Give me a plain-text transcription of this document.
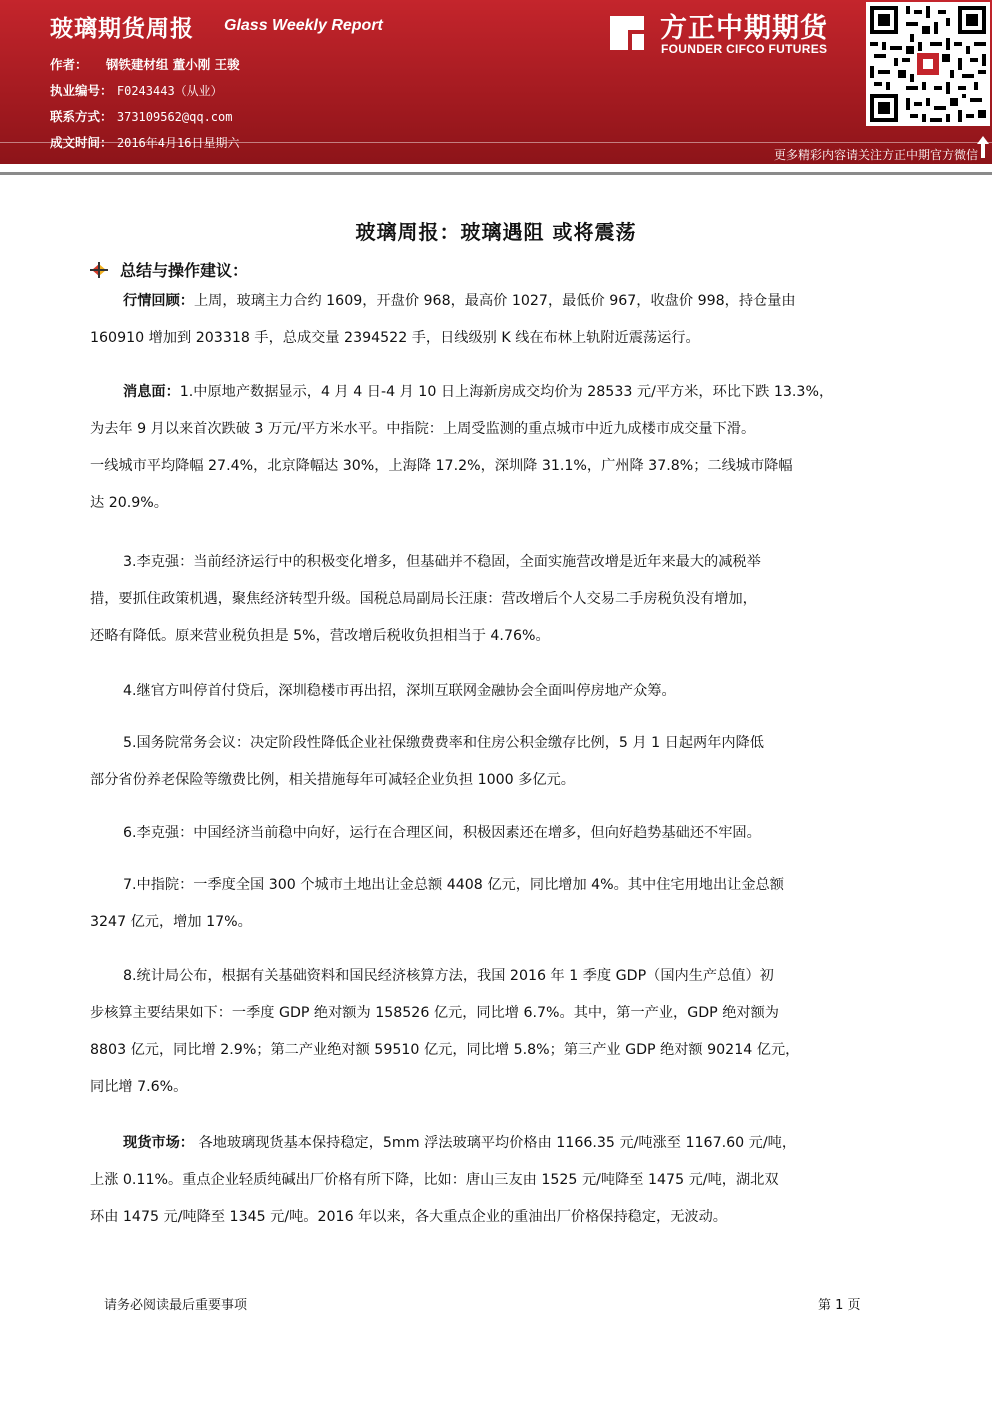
玻璃期货周报 Glass Weekly Report
作者： 钢铁建材组 董小刚 王骏
执业编号： F0243443（从业）
联系方式： 373109562@qq.com
成文时间： 2016年4月16日星期六
方正中期期货
FOUNDER CIFCO FUTURES
更多精彩内容请关注方正中期官方微信
玻璃周报：玻璃遇阻 或将震荡
总结与操作建议：
行情回顾：上周，玻璃主力合约 1609，开盘价 968，最高价 1027，最低价 967，收盘价 998，持仓量由
160910 增加到 203318 手，总成交量 2394522 手，日线级别 K 线在布林上轨附近震荡运行。
消息面：1.中原地产数据显示，4 月 4 日-4 月 10 日上海新房成交均价为 28533 元/平方米，环比下跌 13.3%，
为去年 9 月以来首次跌破 3 万元/平方米水平。中指院：上周受监测的重点城市中近九成楼市成交量下滑。
一线城市平均降幅 27.4%，北京降幅达 30%，上海降 17.2%，深圳降 31.1%，广州降 37.8%；二线城市降幅
达 20.9%。
3.李克强：当前经济运行中的积极变化增多，但基础并不稳固，全面实施营改增是近年来最大的减税举
措，要抓住政策机遇，聚焦经济转型升级。国税总局副局长汪康：营改增后个人交易二手房税负没有增加，
还略有降低。原来营业税负担是 5%，营改增后税收负担相当于 4.76%。
4.继官方叫停首付贷后，深圳稳楼市再出招，深圳互联网金融协会全面叫停房地产众筹。
5.国务院常务会议：决定阶段性降低企业社保缴费费率和住房公积金缴存比例，5 月 1 日起两年内降低
部分省份养老保险等缴费比例，相关措施每年可减轻企业负担 1000 多亿元。
6.李克强：中国经济当前稳中向好，运行在合理区间，积极因素还在增多，但向好趋势基础还不牢固。
7.中指院：一季度全国 300 个城市土地出让金总额 4408 亿元，同比增加 4%。其中住宅用地出让金总额
3247 亿元，增加 17%。
8.统计局公布，根据有关基础资料和国民经济核算方法，我国 2016 年 1 季度 GDP（国内生产总值）初
步核算主要结果如下：一季度 GDP 绝对额为 158526 亿元，同比增 6.7%。其中，第一产业，GDP 绝对额为
8803 亿元，同比增 2.9%；第二产业绝对额 59510 亿元，同比增 5.8%；第三产业 GDP 绝对额 90214 亿元，
同比增 7.6%。
现货市场： 各地玻璃现货基本保持稳定，5mm 浮法玻璃平均价格由 1166.35 元/吨涨至 1167.60 元/吨，
上涨 0.11%。重点企业轻质纯碱出厂价格有所下降，比如：唐山三友由 1525 元/吨降至 1475 元/吨，湖北双
环由 1475 元/吨降至 1345 元/吨。2016 年以来，各大重点企业的重油出厂价格保持稳定，无波动。
请务必阅读最后重要事项	第 1 页
